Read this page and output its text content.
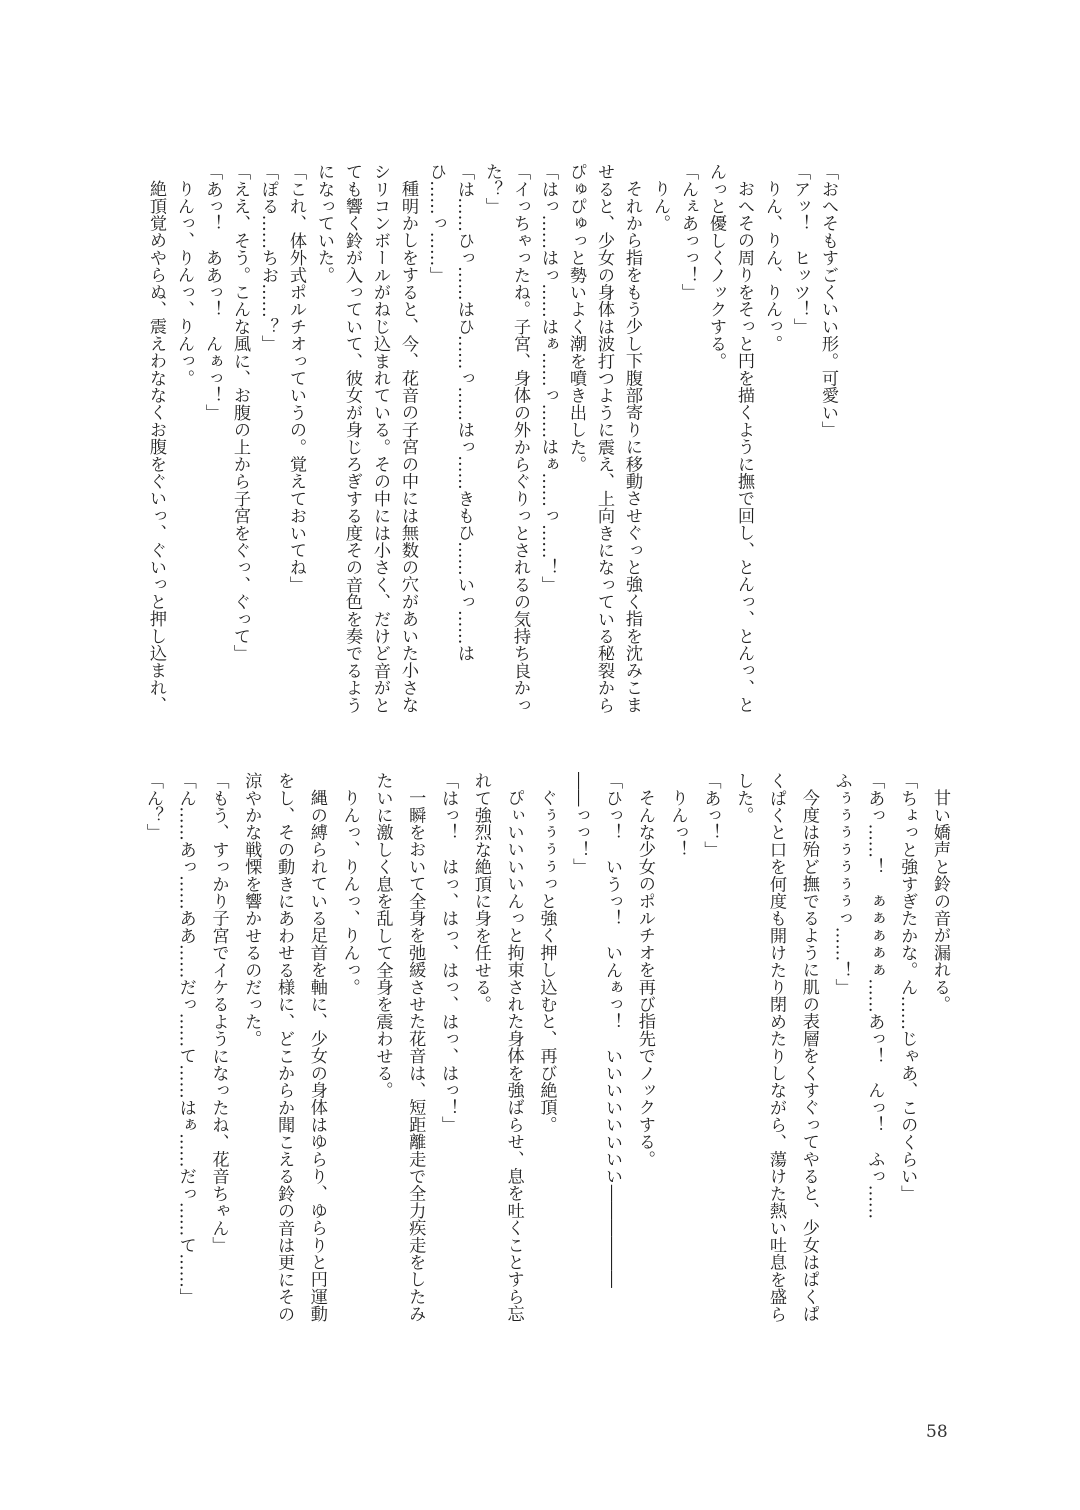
「おへそもすごくいい形。可愛い」
「アッ！　ヒッツ！」
りん、りん、りんっ。
おへその周りをそっと円を描くように撫で回し、とんっ、とんっ、と
んっと優しくノックする。
「んぇあっっ！」
りん。
それから指をもう少し下腹部寄りに移動させぐっと強く指を沈みこま
せると、少女の身体は波打つように震え、上向きになっている秘裂から
ぴゅぴゅっと勢いよく潮を噴き出した。
「はっ……はっ……はぁ……っ……はぁ……っ……！」
「イっちゃったね。子宮、身体の外からぐりっとされるの気持ち良かっ
た？」
「は……ひっ……はひ……っ……はっ……きもひ……いっ……は
ひ……っ……」
種明かしをすると、今、花音の子宮の中には無数の穴があいた小さな
シリコンボールがねじ込まれている。その中には小さく、だけど音がと
ても響く鈴が入っていて、彼女が身じろぎする度その音色を奏でるよう
になっていた。
「これ、体外式ポルチオっていうの。覚えておいてね」
「ぽる……ちお……？」
「ええ、そう。こんな風に、お腹の上から子宮をぐっ、ぐって」
「あっ！　ああっ！　んぁっ！」
りんっ、りんっ、りんっ。
絶頂覚めやらぬ、震えわななくお腹をぐいっ、ぐいっと押し込まれ、
甘い嬌声と鈴の音が漏れる。
「ちょっと強すぎたかな。ん……じゃあ、このくらい」
「あっ……！　ぁぁぁぁぁ……あっ！　んっ！　ふっ……
ふぅぅぅぅぅぅぅっ……！」
今度は殆ど撫でるように肌の表層をくすぐってやると、少女はぱくぱ
くぱくと口を何度も開けたり閉めたりしながら、蕩けた熱い吐息を盛ら
した。
「あっ！」
りんっ！
そんな少女のポルチオを再び指先でノックする。
「ひっ！　いうっ！　いんぁっ！　いいいいいいいい――――――
――っっ！」
ぐぅぅぅぅっと強く押し込むと、再び絶頂。
ぴぃいいいいんっと拘束された身体を強ばらせ、息を吐くことすら忘
れて強烈な絶頂に身を任せる。
「はっ！　はっ、はっ、はっ、はっ、はっ！」
一瞬をおいて全身を弛緩させた花音は、短距離走で全力疾走をしたみ
たいに激しく息を乱して全身を震わせる。
りんっ、りんっ、りんっ。
縄の縛られている足首を軸に、少女の身体はゆらり、ゆらりと円運動
をし、その動きにあわせる様に、どこからか聞こえる鈴の音は更にその
涼やかな戦慄を響かせるのだった。
「もう、すっかり子宮でイケるようになったね、花音ちゃん」
「ん……あっ……ああ……だっ……て……はぁ……だっ……て……」
「ん？」
58
